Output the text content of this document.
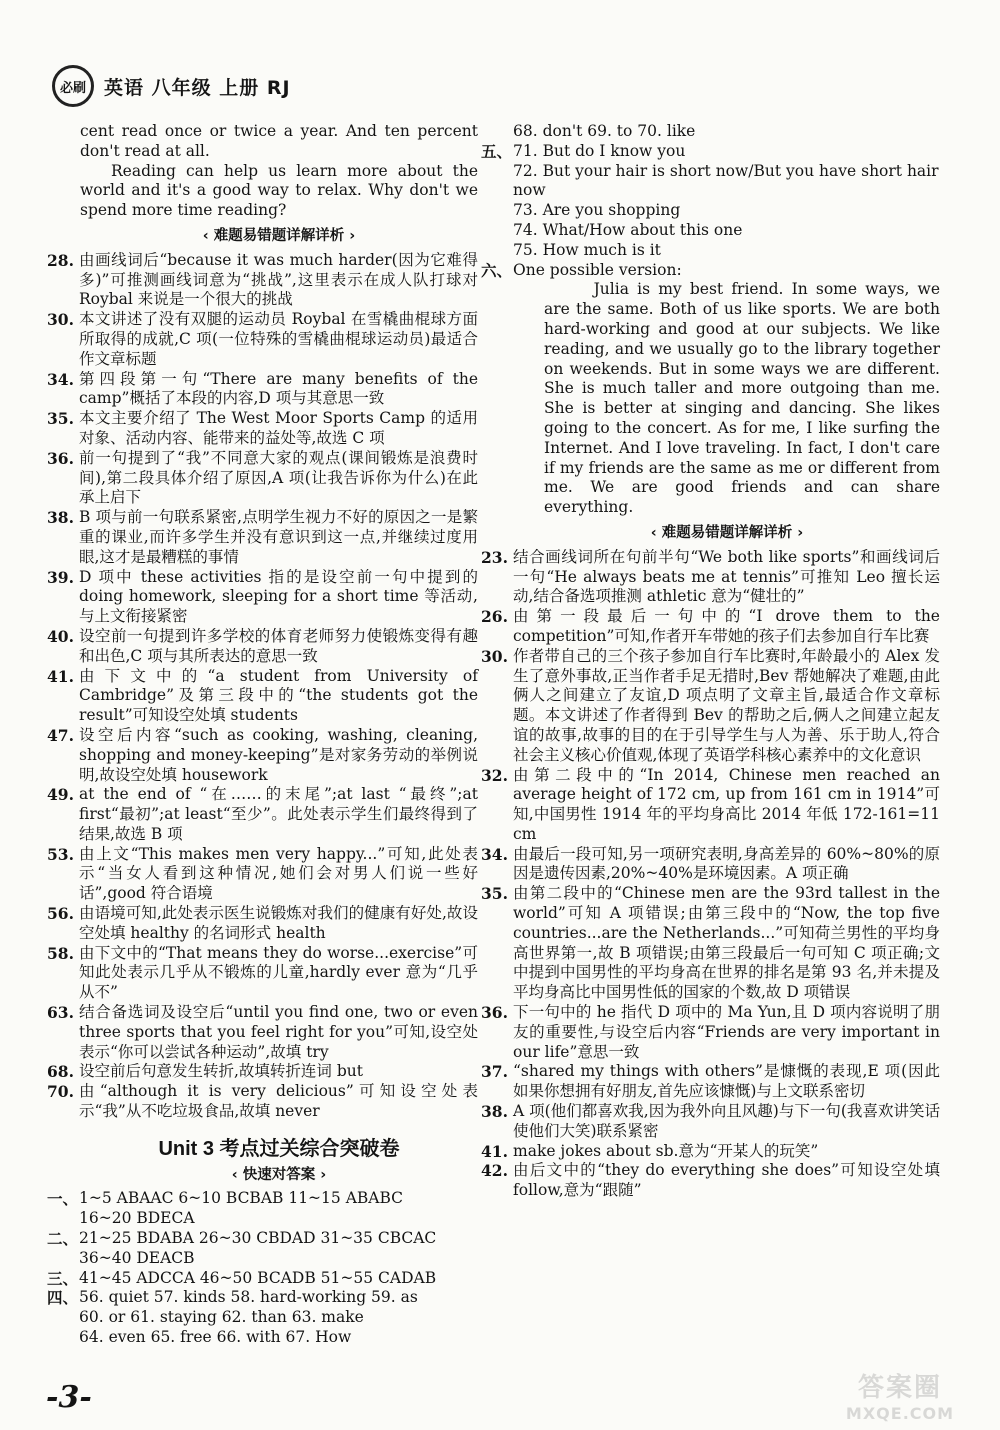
必刷 英语 八年级 上册 RJ

cent read once or twice a year. And ten percent don't read at all.

Reading can help us learn more about the world and it's a good way to relax. Why don't we spend more time reading?

‹ 难题易错题详解详析 ›
28. 由画线词后“because it was much harder(因为它难得多)”可推测画线词意为“挑战”,这里表示在成人队打球对 Roybal 来说是一个很大的挑战
30. 本文讲述了没有双腿的运动员 Roybal 在雪橇曲棍球方面所取得的成就,C 项(一位特殊的雪橇曲棍球运动员)最适合作文章标题
34. 第四段第一句“There are many benefits of the camp”概括了本段的内容,D 项与其意思一致
35. 本文主要介绍了 The West Moor Sports Camp 的适用对象、活动内容、能带来的益处等,故选 C 项
36. 前一句提到了“我”不同意大家的观点(课间锻炼是浪费时间),第二段具体介绍了原因,A 项(让我告诉你为什么)在此承上启下
38. B 项与前一句联系紧密,点明学生视力不好的原因之一是繁重的课业,而许多学生并没有意识到这一点,并继续过度用眼,这才是最糟糕的事情
39. D 项中 these activities 指的是设空前一句中提到的 doing homework, sleeping for a short time 等活动,与上文衔接紧密
40. 设空前一句提到许多学校的体育老师努力使锻炼变得有趣和出色,C 项与其所表达的意思一致
41. 由下文中的“a student from University of Cambridge”及第三段中的“the students got the result”可知设空处填 students
47. 设空后内容“such as cooking, washing, cleaning, shopping and money-keeping”是对家务劳动的举例说明,故设空处填 housework
49. at the end of “在……的末尾”;at last “最终”;at first“最初”;at least“至少”。此处表示学生们最终得到了结果,故选 B 项
53. 由上文“This makes men very happy...”可知,此处表示“当女人看到这种情况,她们会对男人们说一些好话”,good 符合语境
56. 由语境可知,此处表示医生说锻炼对我们的健康有好处,故设空处填 healthy 的名词形式 health
58. 由下文中的“That means they do worse...exercise”可知此处表示几乎从不锻炼的儿童,hardly ever 意为“几乎从不”
63. 结合备选词及设空后“until you find one, two or even three sports that you feel right for you”可知,设空处表示“你可以尝试各种运动”,故填 try
68. 设空前后句意发生转折,故填转折连词 but
70. 由“although it is very delicious”可知设空处表示“我”从不吃垃圾食品,故填 never
Unit 3 考点过关综合突破卷
‹ 快速对答案 ›
一、 1~5 ABAAC 6~10 BCBAB 11~15 ABABC
16~20 BDECA
二、 21~25 BDABA 26~30 CBDAD 31~35 CBCAC
36~40 DEACB
三、 41~45 ADCCA 46~50 BCADB 51~55 CADAB
四、 56. quiet 57. kinds 58. hard-working 59. as
60. or 61. staying 62. than 63. make
64. even 65. free 66. with 67. How
68. don't 69. to 70. like
五、 71. But do I know you
72. But your hair is short now/But you have short hair now
73. Are you shopping
74. What/How about this one
75. How much is it
六、 One possible version:

Julia is my best friend. In some ways, we are the same. Both of us like sports. We are both hard-working and good at our subjects. We like reading, and we usually go to the library together on weekends. But in some ways we are different. She is much taller and more outgoing than me. She is better at singing and dancing. She likes going to the concert. As for me, I like surfing the Internet. And I love traveling. In fact, I don't care if my friends are the same as me or different from me. We are good friends and can share everything.

‹ 难题易错题详解详析 ›
23. 结合画线词所在句前半句“We both like sports”和画线词后一句“He always beats me at tennis”可推知 Leo 擅长运动,结合备选项推测 athletic 意为“健壮的”
26. 由第一段最后一句中的“I drove them to the competition”可知,作者开车带她的孩子们去参加自行车比赛
30. 作者带自己的三个孩子参加自行车比赛时,年龄最小的 Alex 发生了意外事故,正当作者手足无措时,Bev 帮她解决了难题,由此俩人之间建立了友谊,D 项点明了文章主旨,最适合作文章标题。本文讲述了作者得到 Bev 的帮助之后,俩人之间建立起友谊的故事,故事的目的在于引导学生与人为善、乐于助人,符合社会主义核心价值观,体现了英语学科核心素养中的文化意识
32. 由第二段中的“In 2014, Chinese men reached an average height of 172 cm, up from 161 cm in 1914”可知,中国男性 1914 年的平均身高比 2014 年低 172-161=11 cm
34. 由最后一段可知,另一项研究表明,身高差异的 60%~80%的原因是遗传因素,20%~40%是环境因素。A 项正确
35. 由第二段中的“Chinese men are the 93rd tallest in the world”可知 A 项错误;由第三段中的“Now, the top five countries...are the Netherlands...”可知荷兰男性的平均身高世界第一,故 B 项错误;由第三段最后一句可知 C 项正确;文中提到中国男性的平均身高在世界的排名是第 93 名,并未提及平均身高比中国男性低的国家的个数,故 D 项错误
36. 下一句中的 he 指代 D 项中的 Ma Yun,且 D 项内容说明了朋友的重要性,与设空后内容“Friends are very important in our life”意思一致
37. “shared my things with others”是慷慨的表现,E 项(因此如果你想拥有好朋友,首先应该慷慨)与上文联系密切
38. A 项(他们都喜欢我,因为我外向且风趣)与下一句(我喜欢讲笑话使他们大笑)联系紧密
41. make jokes about sb.意为“开某人的玩笑”
42. 由后文中的“they do everything she does”可知设空处填 follow,意为“跟随”
-3-	答案圈
MXQE.COM
